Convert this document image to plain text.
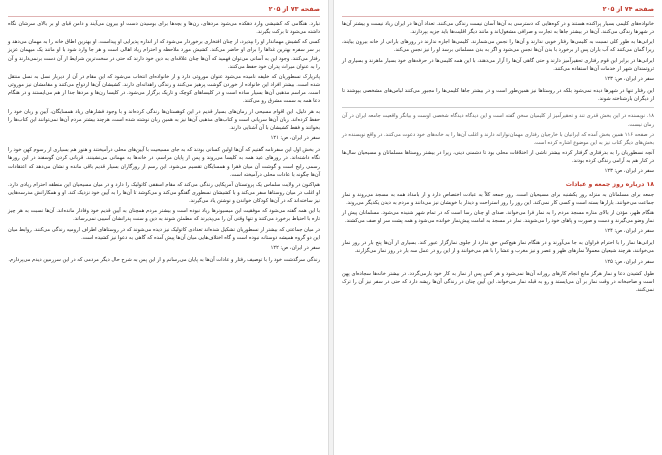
صفحه ۷۳ از ۲۰۵

نبارد. هنگامی که کشیشی وارد دهکده می‌شود مردهای، زن‌ها و بچه‌ها برای بوسیدن دست او بیرون می‌آیند و دامن قبای او بر بالای سرشان نگاه داشته می‌شود تا برکت بگیرند.

کسی که کشیش مهماندار او را بپذیرد، از چنان افتخاری برخوردار می‌شود که از اندازه پذیرایی او پیداست. او بهترین اطاق خانه را به مهمان می‌دهد و بر سر سفره بهترین غذاها را برای او حاضر می‌کند. کشیش مورد ملاحظه و احترام زیاد اهالی است و هر جا وارد شود با او مانند یک میهمان عزیز رفتار می‌کنند. وجود این به آسانی می‌توان فهمید که آن‌ها چنان علاقه‌ای به دین خود دارند که حتی در سخت‌ترین شرایط از آن دست برنمی‌دارند و آن را به عنوان میراث پدران خود حفظ می‌کنند.

پاتریارک نسطوریان که خلیفه نامیده می‌شود عنوان موروثی دارد و از خانواده‌ای انتخاب می‌شود که این مقام در آن از دیرباز نسل به نسل منتقل شده است. بیشتر افراد این خانواده از خوردن گوشت پرهیز می‌کنند و زندگی زاهدانه‌ای دارند. کشیشان آن‌ها ازدواج می‌کنند و مقامشان نیز موروثی است. مراسم مذهبی آن‌ها بسیار ساده است و در کلیساهای کوچک و تاریک برگزار می‌شود. در کلیسا زن‌ها و مردها جدا از هم می‌ایستند و در هنگام دعا همه به سمت مشرق رو می‌کنند.

به هر دلیل، این اقوام مسیحی از زمان‌های بسیار قدیم در این کوهستان‌ها زندگی کرده‌اند و با وجود فشارهای زیاد همسایگان، آیین و زبان خود را حفظ کرده‌اند. زبان آن‌ها سریانی است و کتاب‌های مذهبی آن‌ها نیز به همین زبان نوشته شده است، هرچند بیشتر مردم آن‌ها نمی‌توانند این کتاب‌ها را بخوانند و فقط کشیشان با آن آشنایی دارند.

سفر در ایران، ص: ۱۲۱

در بخش اول این سفرنامه گفتیم که آن‌ها اولین کسانی بودند که به جای مسیحیت با آیین‌های محلی درآمیختند و هنوز هم بسیاری از رسوم کهن خود را نگاه داشته‌اند. در روزهای عید همه به کلیسا می‌روند و پس از پایان مراسم، در خانه‌ها به مهمانی می‌نشینند. قربانی کردن گوسفند در این روزها رسمی رایج است و گوشت آن میان فقرا و همسایگان تقسیم می‌شود. این رسم از روزگاران بسیار قدیم باقی مانده و نشان می‌دهد که اعتقادات آن‌ها چگونه با عادات محلی درآمیخته است.

هم‌اکنون در ولایت سلماس یک پروتستان آمریکایی زندگی می‌کند که مقام اسقفی کاتولیک را دارد و در میان مسیحیان این منطقه احترام زیادی دارد. او اغلب در میان روستاها سفر می‌کند و با کشیشان نسطوری گفتگو می‌کند و می‌کوشد تا آن‌ها را به آیین خود نزدیک کند. او و همکارانش مدرسه‌هایی نیز ساخته‌اند که در آن‌ها کودکان خواندن و نوشتن یاد می‌گیرند.

با این همه گفته می‌شود که موفقیت این میسیونرها زیاد نبوده است و بیشتر مردم همچنان به آیین قدیم خود وفادار مانده‌اند. آن‌ها نسبت به هر چیز تازه با احتیاط برخورد می‌کنند و تنها وقتی آن را می‌پذیرند که مطمئن شوند به دین و سنت پدرانشان آسیبی نمی‌رساند.

در میان جماعتی که بیشتر از نسطوریان تشکیل شده‌اند تعدادی کاتولیک نیز دیده می‌شوند که در روستاهای اطراف ارومیه زندگی می‌کنند. روابط میان این دو گروه همیشه دوستانه نبوده است و گاه اختلاف‌هایی میان آن‌ها پیش آمده که گاهی به دعوا نیز کشیده است.

سفر در ایران، ص: ۱۲۲

زندگی سرگذشت خود را با توصیف رفتار و عادات آن‌ها به پایان می‌رسانم و از این پس به شرح حال دیگر مردمی که در این سرزمین دیدم می‌پردازم.

صفحه ۷۴ از ۲۰۵

خانواده‌های کلیمی بسیار پراکنده هستند و در کوه‌هایی که دسترسی به آن‌ها آسان نیست زندگی می‌کنند. تعداد آن‌ها در ایران زیاد نیست و بیشتر آن‌ها در شهرها زندگی می‌کنند. آن‌ها در بیشتر جاها به تجارت و صرافی مشغول‌اند و مانند دیگر اقلیت‌ها باید جزیه بپردازند.

ایرانی‌ها به طور کلی نسبت به کلیمی‌ها رفتار خوبی ندارند و آن‌ها را نجس می‌شمارند. کلیمی‌ها اجازه ندارند در روزهای بارانی از خانه بیرون بیایند، زیرا گمان می‌کنند که آب باران پس از برخورد با بدن آن‌ها نجس می‌شود و اگر به بدن مسلمانی برسد او را نیز نجس می‌کند.

ایرانی‌ها در برابر این قوم رفتاری تحقیرآمیز دارند و حتی گاهی آن‌ها را آزار می‌دهند، با این همه کلیمی‌ها در حرفه‌های خود بسیار ماهرند و بسیاری از ثروتمندان شهر از خدمات آن‌ها استفاده می‌کنند.

سفر در ایران، ص: ۱۲۳

این رفتار تنها در شهرها دیده نمی‌شود بلکه در روستاها نیز همین‌طور است و در بیشتر جاها کلیمی‌ها را مجبور می‌کنند لباس‌های مشخصی بپوشند تا از دیگران بازشناخته شوند.

۱۸. نویسنده در این بخش قدری تند و تحقیرآمیز از کلیمیان سخن گفته است و این دیدگاه دیدگاه شخصی اوست و بیانگر واقعیت جامعه ایران در آن زمان نیست.

در صفحه ۱۱۶ همین بخش آمده که ایرانیان با خارجیان رفتاری مهمان‌نوازانه دارند و اغلب آن‌ها را به خانه‌های خود دعوت می‌کنند. در واقع نویسنده در بخش‌های دیگر کتاب نیز به این موضوع اشاره کرده است.

آنچه نسطوریان را به بدرفتاری گرفتار کرده بیشتر ناشی از اختلافات محلی بود تا دشمنی دینی، زیرا در بیشتر روستاها مسلمانان و مسیحیان سال‌ها در کنار هم به آرامی زندگی کرده بودند.

سفر در ایران، ص: ۱۲۳

۱۸ درباره روز جمعه و عبادات

جمعه برای مسلمانان به منزله روز یکشنبه برای مسیحیان است. روز جمعه کلاً به عبادت اختصاص دارد و از بامداد همه به مسجد می‌روند و نماز جماعت می‌خوانند. بازارها بسته است و کسی کار نمی‌کند. این روز را روز استراحت و دیدار با خویشان نیز می‌دانند و مردم به دیدن یکدیگر می‌روند.

هنگام ظهر، مؤذن از بالای مناره مسجد مردم را به نماز فرا می‌خواند. صدای او چنان رسا است که در تمام شهر شنیده می‌شود. مسلمانان پیش از نماز وضو می‌گیرند و دست و صورت و پاهای خود را می‌شویند. نماز در مسجد به امامت پیش‌نماز خوانده می‌شود و همه پشت سر او صف می‌کشند.

سفر در ایران، ص: ۱۲۴

ایرانی‌ها نماز را با احترام فراوان به جا می‌آورند و در هنگام نماز هیچ‌کس حق ندارد از جلوی نمازگزار عبور کند. بسیاری از آن‌ها پنج بار در روز نماز می‌خوانند، هرچند شیعیان معمولاً نمازهای ظهر و عصر و نیز مغرب و عشا را با هم می‌خوانند و از این رو در عمل سه بار در روز نماز می‌گزارند.

سفر در ایران، ص: ۱۲۵

طول کشیدن دعا و نماز هرگز مانع انجام کارهای روزانه آن‌ها نمی‌شود و هر کس پس از نماز به کار خود بازمی‌گردد. در بیشتر خانه‌ها سجاده‌ای پهن است و صاحبخانه در وقت نماز بر آن می‌ایستد و رو به قبله نماز می‌خواند. این آیین چنان در زندگی آن‌ها ریشه دارد که حتی در سفر نیز آن را ترک نمی‌کنند.
